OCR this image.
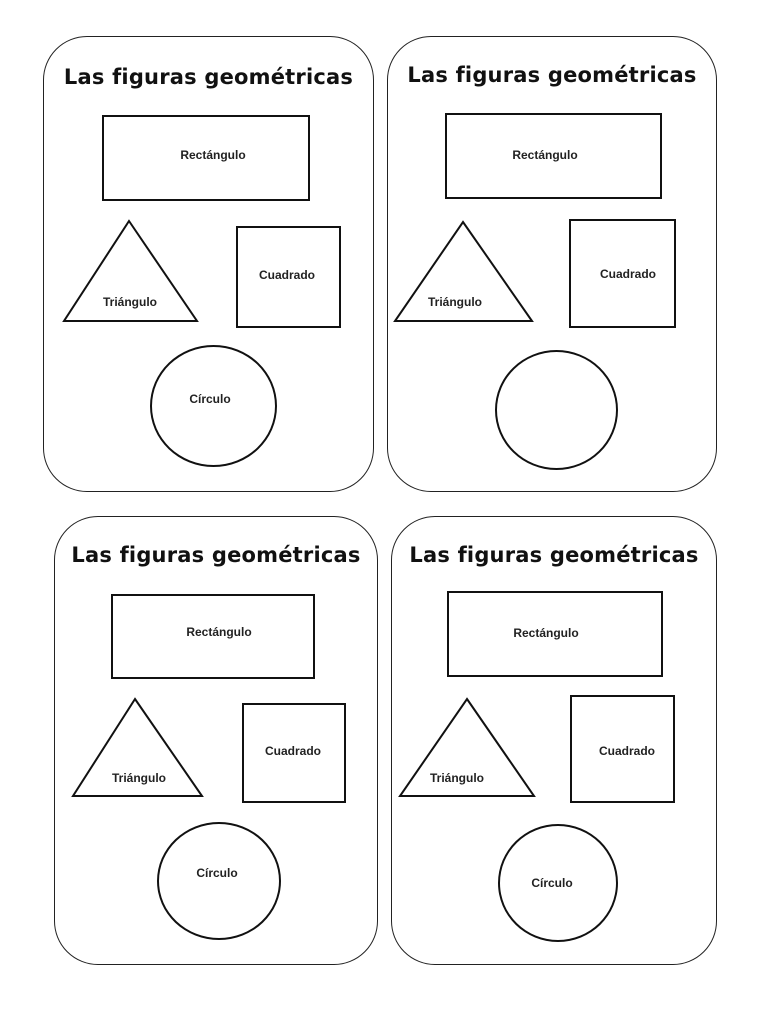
Las figuras geométricas
Rectángulo
Triángulo
Cuadrado
Círculo
Las figuras geométricas
Rectángulo
Triángulo
Cuadrado
Las figuras geométricas
Rectángulo
Triángulo
Cuadrado
Círculo
Las figuras geométricas
Rectángulo
Triángulo
Cuadrado
Círculo
